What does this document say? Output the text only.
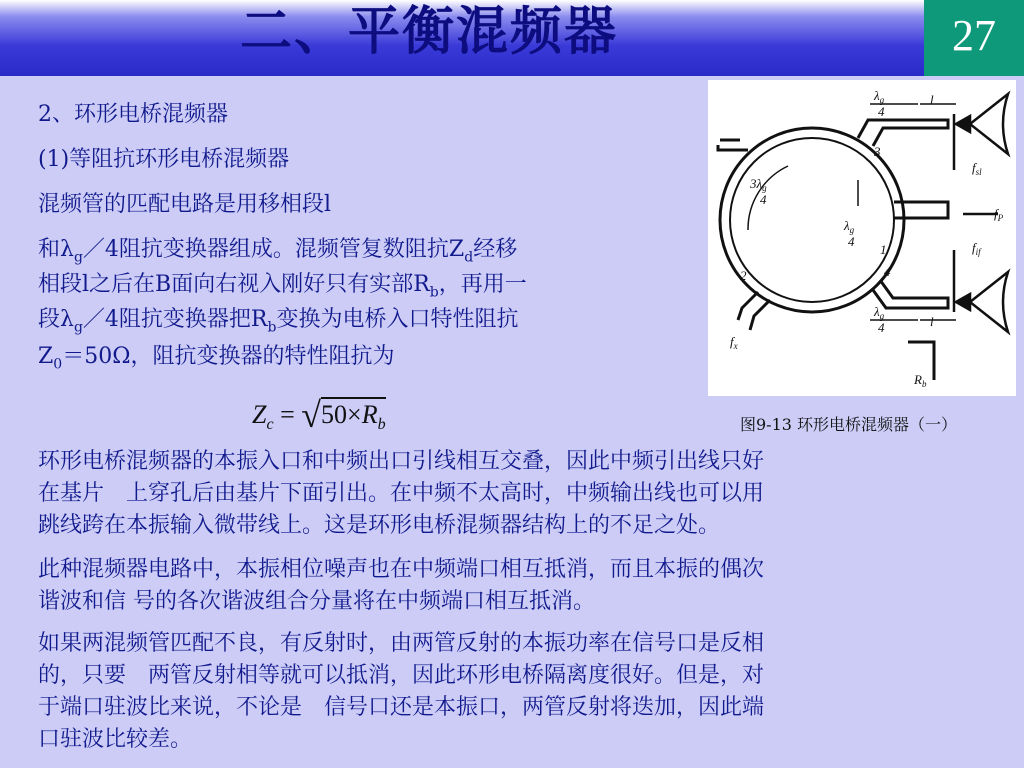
二、平衡混频器	27
2、环形电桥混频器
(1)等阻抗环形电桥混频器
混频管的匹配电路是用移相段l
和$\lambda_g/4$阻抗变换器组成。混频管复数阻抗$Z_d$经移
相段l之后在B面向右视入刚好只有实部$R_b$，再用一
段$\lambda_g/4$阻抗变换器把$R_b$变换为电桥入口特性阻抗
$Z_0=50\Omega$，阻抗变换器的特性阻抗为
$Z_c = √50\times R_b$
1
2
3
4
$f_P$
$f_{sl}$
$f_{if}$
$f_x$
$R_b$
l
l
$\lambda_g$
4
$\lambda_g$
4
$\lambda_g$
4
$3\lambda_g$
4
图9-13 环形电桥混频器（一）
环形电桥混频器的本振入口和中频出口引线相互交叠，因此中频引出线只好
在基片　上穿孔后由基片下面引出。在中频不太高时，中频输出线也可以用
跳线跨在本振输入微带线上。这是环形电桥混频器结构上的不足之处。
此种混频器电路中，本振相位噪声也在中频端口相互抵消，而且本振的偶次
谐波和信 号的各次谐波组合分量将在中频端口相互抵消。
如果两混频管匹配不良，有反射时，由两管反射的本振功率在信号口是反相
的，只要　两管反射相等就可以抵消，因此环形电桥隔离度很好。但是，对
于端口驻波比来说，不论是　信号口还是本振口，两管反射将迭加，因此端
口驻波比较差。
